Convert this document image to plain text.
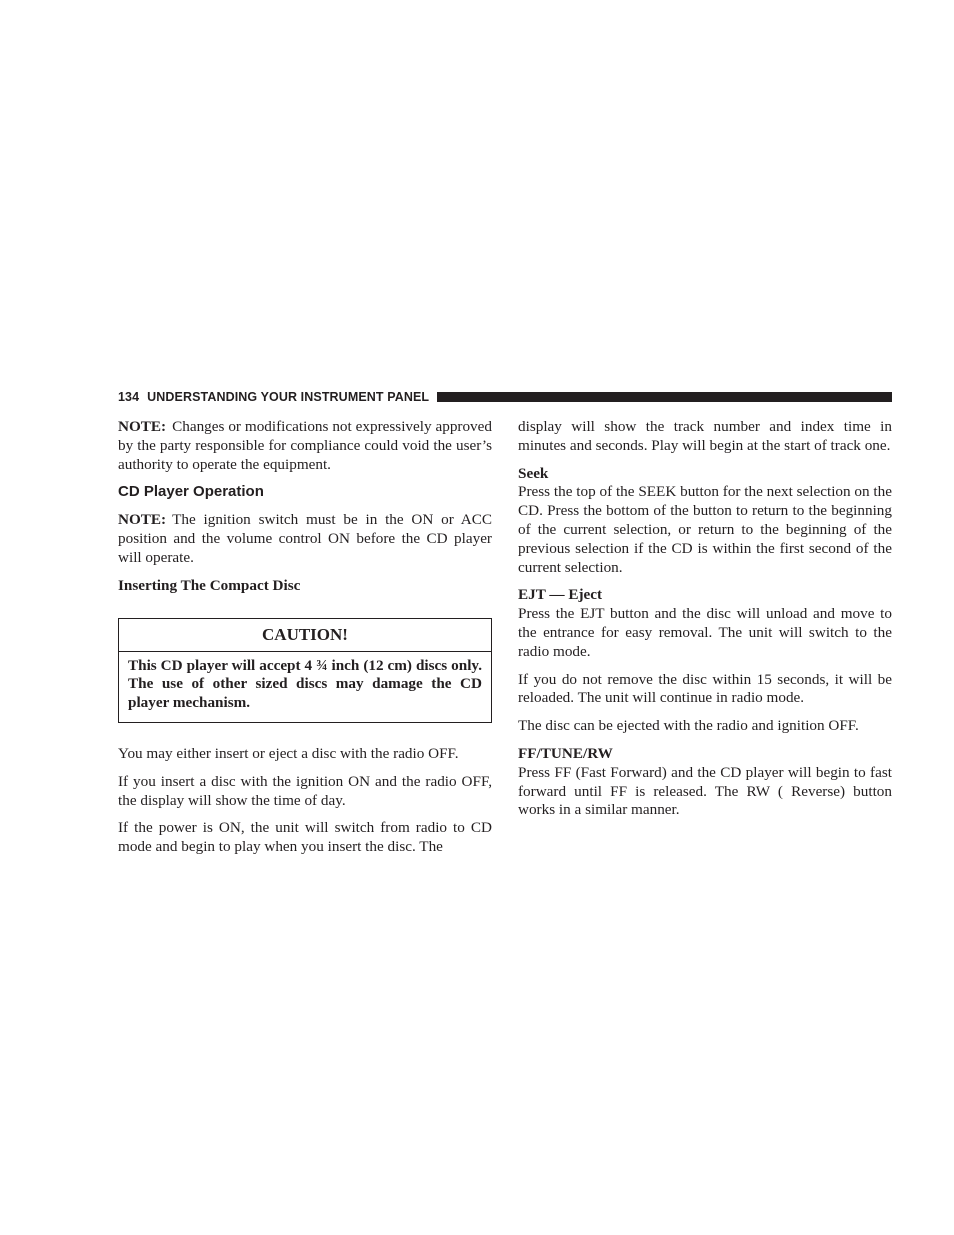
134 UNDERSTANDING YOUR INSTRUMENT PANEL

NOTE: Changes or modifications not expressively approved by the party responsible for compliance could void the user’s authority to operate the equipment.

CD Player Operation

NOTE: The ignition switch must be in the ON or ACC position and the volume control ON before the CD player will operate.

Inserting The Compact Disc
CAUTION!
This CD player will accept 4 ¾ inch (12 cm) discs only. The use of other sized discs may damage the CD player mechanism.

You may either insert or eject a disc with the radio OFF.

If you insert a disc with the ignition ON and the radio OFF, the display will show the time of day.

If the power is ON, the unit will switch from radio to CD mode and begin to play when you insert the disc. The

display will show the track number and index time in minutes and seconds. Play will begin at the start of track one.

Seek

Press the top of the SEEK button for the next selection on the CD. Press the bottom of the button to return to the beginning of the current selection, or return to the beginning of the previous selection if the CD is within the first second of the current selection.

EJT — Eject

Press the EJT button and the disc will unload and move to the entrance for easy removal. The unit will switch to the radio mode.

If you do not remove the disc within 15 seconds, it will be reloaded. The unit will continue in radio mode.

The disc can be ejected with the radio and ignition OFF.

FF/TUNE/RW

Press FF (Fast Forward) and the CD player will begin to fast forward until FF is released. The RW ( Reverse) button works in a similar manner.
